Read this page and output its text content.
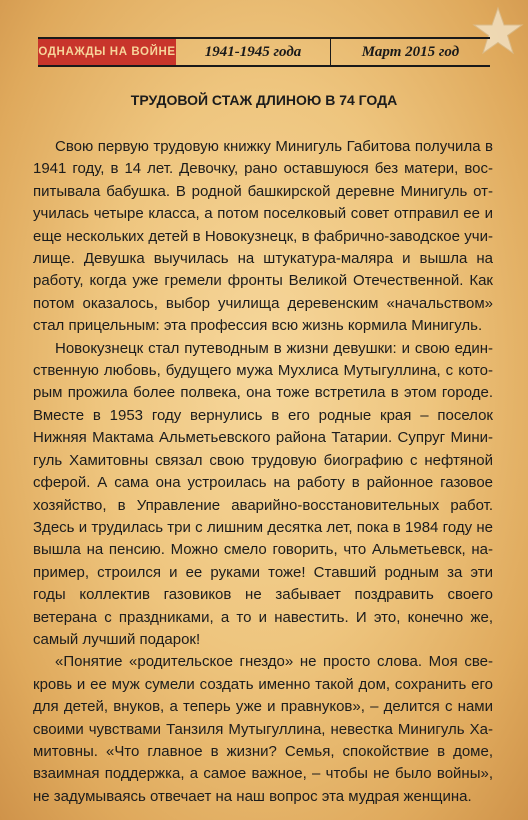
ОДНАЖДЫ НА ВОЙНЕ	1941-1945 года	Март 2015 год
ТРУДОВОЙ СТАЖ ДЛИНОЮ В 74 ГОДА

Свою первую трудовую книжку Минигуль Габитова получила в 1941 году, в 14 лет. Девочку, рано оставшуюся без матери, воспитывала бабушка. В родной башкирской деревне Минигуль отучилась четыре класса, а потом поселковый совет отправил ее и еще нескольких детей в Новокузнецк, в фабрично-заводское училище. Девушка выучилась на штукатура-маляра и вышла на работу, когда уже гремели фронты Великой Отечественной. Как потом оказалось, выбор училища деревенским «начальством» стал прицельным: эта профессия всю жизнь кормила Минигуль.

Новокузнецк стал путеводным в жизни девушки: и свою единственную любовь, будущего мужа Мухлиса Мутыгуллина, с которым прожила более полвека, она тоже встретила в этом городе. Вместе в 1953 году вернулись в его родные края – поселок Нижняя Мактама Альметьевского района Татарии. Супруг Минигуль Хамитовны связал свою трудовую биографию с нефтяной сферой. А сама она устроилась на работу в районное газовое хозяйство, в Управление аварийно-восстановительных работ. Здесь и трудилась три с лишним десятка лет, пока в 1984 году не вышла на пенсию. Можно смело говорить, что Альметьевск, например, строился и ее руками тоже! Ставший родным за эти годы коллектив газовиков не забывает поздравить своего ветерана с праздниками, а то и навестить. И это, конечно же, самый лучший подарок!

«Понятие «родительское гнездо» не просто слова. Моя свекровь и ее муж сумели создать именно такой дом, сохранить его для детей, внуков, а теперь уже и правнуков», – делится с нами своими чувствами Танзиля Мутыгуллина, невестка Минигуль Хамитовны. «Что главное в жизни? Семья, спокойствие в доме, взаимная поддержка, а самое важное, – чтобы не было войны», не задумываясь отвечает на наш вопрос эта мудрая женщина.
